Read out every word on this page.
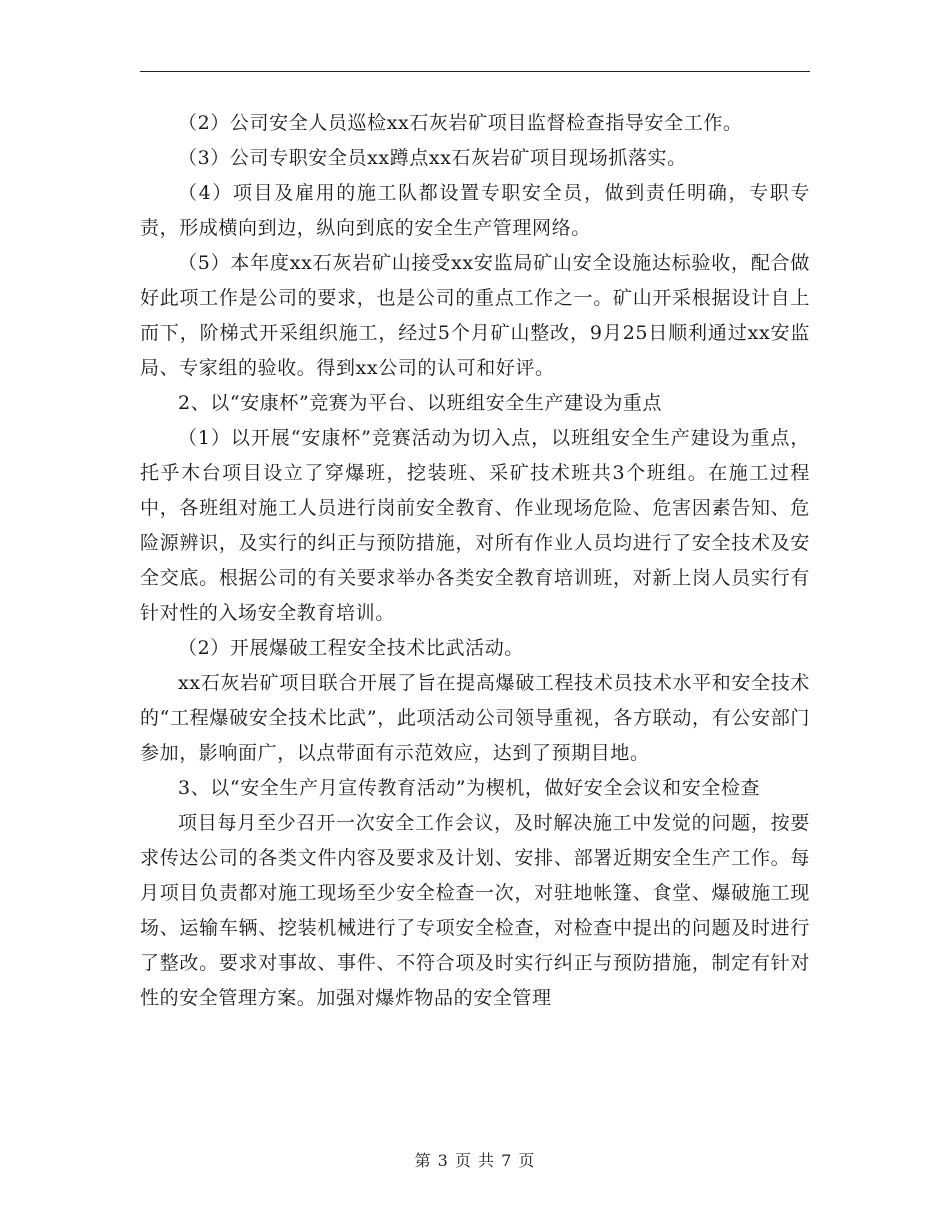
（2）公司安全人员巡检xx石灰岩矿项目监督检查指导安全工作。

（3）公司专职安全员xx蹲点xx石灰岩矿项目现场抓落实。

（4）项目及雇用的施工队都设置专职安全员，做到责任明确，专职专责，形成横向到边，纵向到底的安全生产管理网络。

（5）本年度xx石灰岩矿山接受xx安监局矿山安全设施达标验收，配合做好此项工作是公司的要求，也是公司的重点工作之一。矿山开采根据设计自上而下，阶梯式开采组织施工，经过5个月矿山整改，9月25日顺利通过xx安监局、专家组的验收。得到xx公司的认可和好评。

2、以“安康杯”竞赛为平台、以班组安全生产建设为重点

（1）以开展“安康杯”竞赛活动为切入点，以班组安全生产建设为重点，托乎木台项目设立了穿爆班，挖装班、采矿技术班共3个班组。在施工过程中，各班组对施工人员进行岗前安全教育、作业现场危险、危害因素告知、危险源辨识，及实行的纠正与预防措施，对所有作业人员均进行了安全技术及安全交底。根据公司的有关要求举办各类安全教育培训班，对新上岗人员实行有针对性的入场安全教育培训。

（2）开展爆破工程安全技术比武活动。

xx石灰岩矿项目联合开展了旨在提高爆破工程技术员技术水平和安全技术的“工程爆破安全技术比武”，此项活动公司领导重视，各方联动，有公安部门参加，影响面广，以点带面有示范效应，达到了预期目地。

3、以“安全生产月宣传教育活动”为楔机，做好安全会议和安全检查

项目每月至少召开一次安全工作会议，及时解决施工中发觉的问题，按要求传达公司的各类文件内容及要求及计划、安排、部署近期安全生产工作。每月项目负责都对施工现场至少安全检查一次，对驻地帐篷、食堂、爆破施工现场、运输车辆、挖装机械进行了专项安全检查，对检查中提出的问题及时进行了整改。要求对事故、事件、不符合项及时实行纠正与预防措施，制定有针对性的安全管理方案。加强对爆炸物品的安全管理

第 3 页 共 7 页
